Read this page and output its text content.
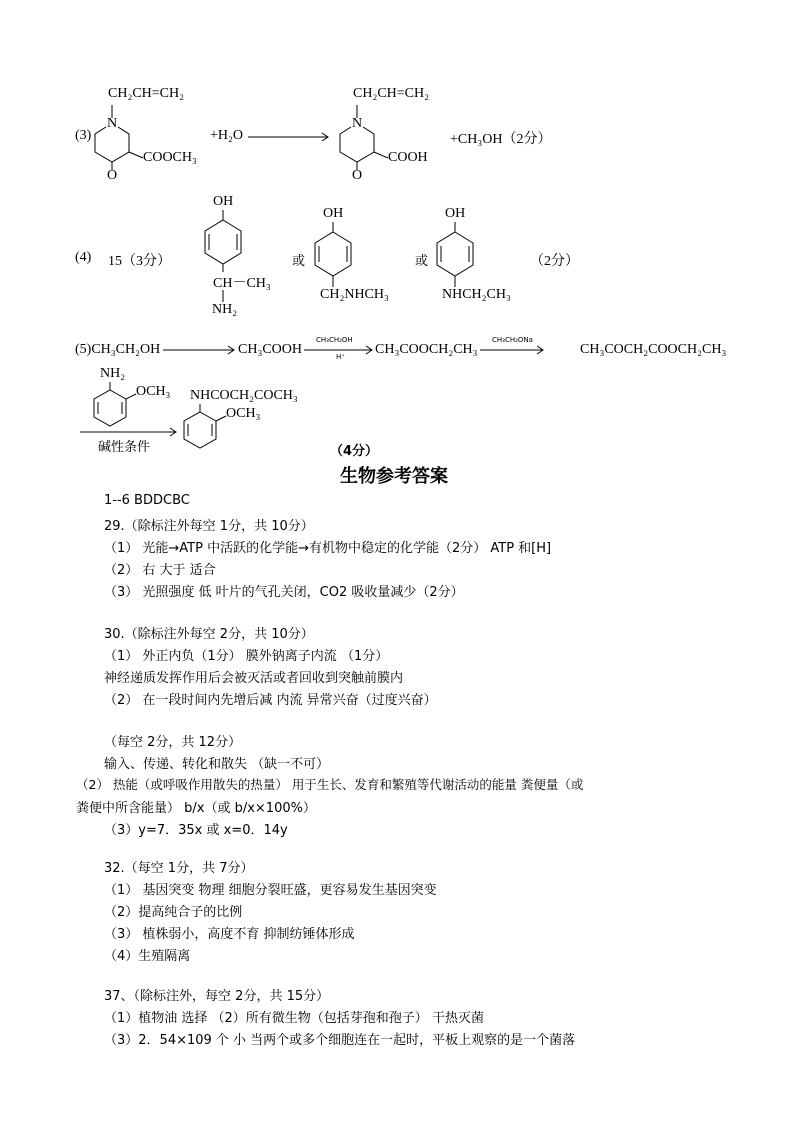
CH₂CH=CH₂
N
(3)
COOCH₃
O
+H₂O
CH₂CH=CH₂
N
COOH
O
+CH₃OH（2分）
OH
(4) 15（3分）
CH－CH₃
NH₂
或
OH
CH₂NHCH₃
或
OH
NHCH₂CH₃
（2分）
(5)CH₃CH₂OH	CH₃COOH
CH₃CH₂OH
H⁺ CH₃COOCH₂CH₃
CH₃CH₂ONa
CH₃COCH₂COOCH₂CH₃
NH₂
OCH₃ NHCOCH₂COCH₃
OCH₃
碱性条件	（4分）
生物参考答案
1--6 BDDCBC
29.（除标注外每空 1分，共 10分）
（1） 光能→ATP 中活跃的化学能→有机物中稳定的化学能（2分） ATP 和[H]
（2） 右 大于 适合
（3） 光照强度 低 叶片的气孔关闭，CO2 吸收量减少（2分）
30.（除标注外每空 2分，共 10分）
（1） 外正内负（1分） 膜外钠离子内流 （1分）
神经递质发挥作用后会被灭活或者回收到突触前膜内
（2） 在一段时间内先增后减 内流 异常兴奋（过度兴奋）
（每空 2分，共 12分）
输入、传递、转化和散失 （缺一不可）
（2） 热能（或呼吸作用散失的热量） 用于生长、发育和繁殖等代谢活动的能量 粪便量（或
粪便中所含能量） b/x（或 b/x×100%）
（3）y=7．35x 或 x=0．14y
32.（每空 1分，共 7分）
（1） 基因突变 物理 细胞分裂旺盛，更容易发生基因突变
（2）提高纯合子的比例
（3） 植株弱小，高度不育 抑制纺锤体形成
（4）生殖隔离
37、（除标注外，每空 2分，共 15分）
（1）植物油 选择 （2）所有微生物（包括芽孢和孢子） 干热灭菌
（3）2．54×109 个 小 当两个或多个细胞连在一起时，平板上观察的是一个菌落
